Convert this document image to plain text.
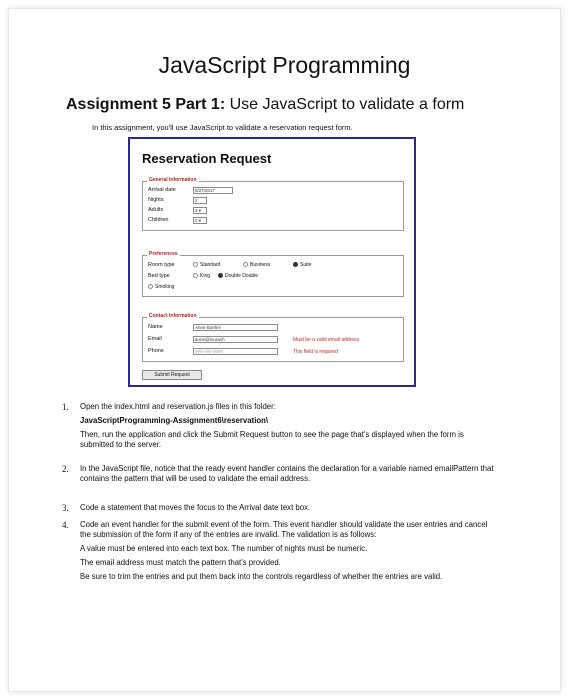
JavaScript Programming
Assignment 5 Part 1: Use JavaScript to validate a form
In this assignment, you'll use JavaScript to validate a reservation request form.
Reservation Request
General Information
Arrival date	5/27/2017
Nights	2
Adults	2 ▾
Children	0 ▾
Preferences
Room type	Standard	Business	Suite
Bed type	King	Double Double
Smoking
Contact Information
Name	Anne Boehm
Email	anne@murach	Must be a valid email address
Phone	999-999-9999	This field is required
Submit Request
1. Open the index.html and reservation.js files in this folder:
JavaScriptProgramming-Assignment6\reservation\
Then, run the application and click the Submit Request button to see the page that's displayed when the form is submitted to the server.
2. In the JavaScript file, notice that the ready event handler contains the declaration for a variable named emailPattern that contains the pattern that will be used to validate the email address.
3. Code a statement that moves the focus to the Arrival date text box.
4. Code an event handler for the submit event of the form. This event handler should validate the user entries and cancel the submission of the form if any of the entries are invalid. The validation is as follows:
A value must be entered into each text box. The number of nights must be numeric.
The email address must match the pattern that's provided.
Be sure to trim the entries and put them back into the controls regardless of whether the entries are valid.
